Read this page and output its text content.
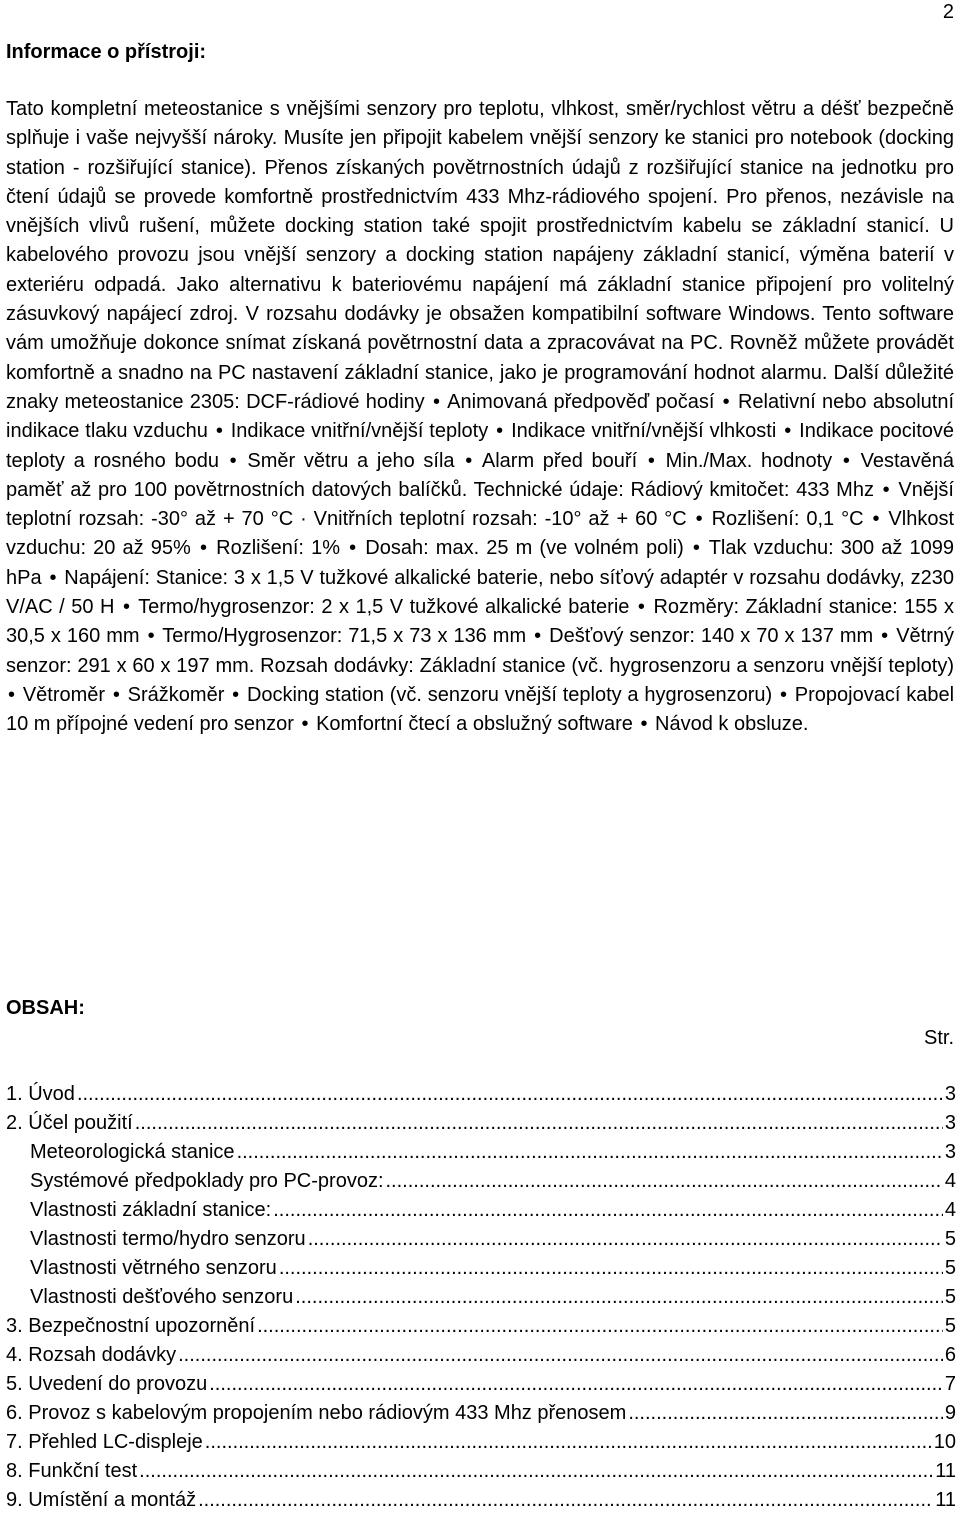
2
Informace o přístroji:

Tato kompletní meteostanice s vnějšími senzory pro teplotu, vlhkost, směr/rychlost větru a déšť bezpečně splňuje i vaše nejvyšší nároky. Musíte jen připojit kabelem vnější senzory ke stanici pro notebook (docking station - rozšiřující stanice). Přenos získaných povětrnostních údajů z rozšiřující stanice na jednotku pro čtení údajů se provede komfortně prostřednictvím 433 Mhz-rádiového spojení. Pro přenos, nezávisle na vnějších vlivů rušení, můžete docking station také spojit prostřednictvím kabelu se základní stanicí. U kabelového provozu jsou vnější senzory a docking station napájeny základní stanicí, výměna baterií v exteriéru odpadá. Jako alternativu k bateriovému napájení má základní stanice připojení pro volitelný zásuvkový napájecí zdroj. V rozsahu dodávky je obsažen kompatibilní software Windows. Tento software vám umožňuje dokonce snímat získaná povětrnostní data a zpracovávat na PC. Rovněž můžete provádět komfortně a snadno na PC nastavení základní stanice, jako je programování hodnot alarmu. Další důležité znaky meteostanice 2305: DCF-rádiové hodiny • Animovaná předpověď počasí • Relativní nebo absolutní indikace tlaku vzduchu • Indikace vnitřní/vnější teploty • Indikace vnitřní/vnější vlhkosti • Indikace pocitové teploty a rosného bodu • Směr větru a jeho síla • Alarm před bouří • Min./Max. hodnoty • Vestavěná paměť až pro 100 povětrnostních datových balíčků. Technické údaje: Rádiový kmitočet: 433 Mhz • Vnější teplotní rozsah: -30° až + 70 °C · Vnitřních teplotní rozsah: -10° až + 60 °C • Rozlišení: 0,1 °C • Vlhkost vzduchu: 20 až 95% • Rozlišení: 1% • Dosah: max. 25 m (ve volném poli) • Tlak vzduchu: 300 až 1099 hPa • Napájení: Stanice: 3 x 1,5 V tužkové alkalické baterie, nebo síťový adaptér v rozsahu dodávky, z230 V/AC / 50 H • Termo/hygrosenzor: 2 x 1,5 V tužkové alkalické baterie • Rozměry: Základní stanice: 155 x 30,5 x 160 mm • Termo/Hygrosenzor: 71,5 x 73 x 136 mm • Dešťový senzor: 140 x 70 x 137 mm • Větrný senzor: 291 x 60 x 197 mm. Rozsah dodávky: Základní stanice (vč. hygrosenzoru a senzoru vnější teploty) • Větroměr • Srážkoměr • Docking station (vč. senzoru vnější teploty a hygrosenzoru) • Propojovací kabel 10 m přípojné vedení pro senzor • Komfortní čtecí a obslužný software • Návod k obsluze.

OBSAH:
Str.
1. Úvod .....	3
2. Účel použití .....	3
Meteorologická stanice .....	3
Systémové předpoklady pro PC-provoz: .....	4
Vlastnosti základní stanice: .....	4
Vlastnosti termo/hydro senzoru .....	5
Vlastnosti větrného senzoru .....	5
Vlastnosti dešťového senzoru .....	5
3. Bezpečnostní upozornění .....	5
4. Rozsah dodávky .....	6
5. Uvedení do provozu .....	7
6. Provoz s kabelovým propojením nebo rádiovým 433 Mhz přenosem .....	9
7. Přehled LC-displeje .....	10
8. Funkční test .....	11
9. Umístění a montáž .....	11
